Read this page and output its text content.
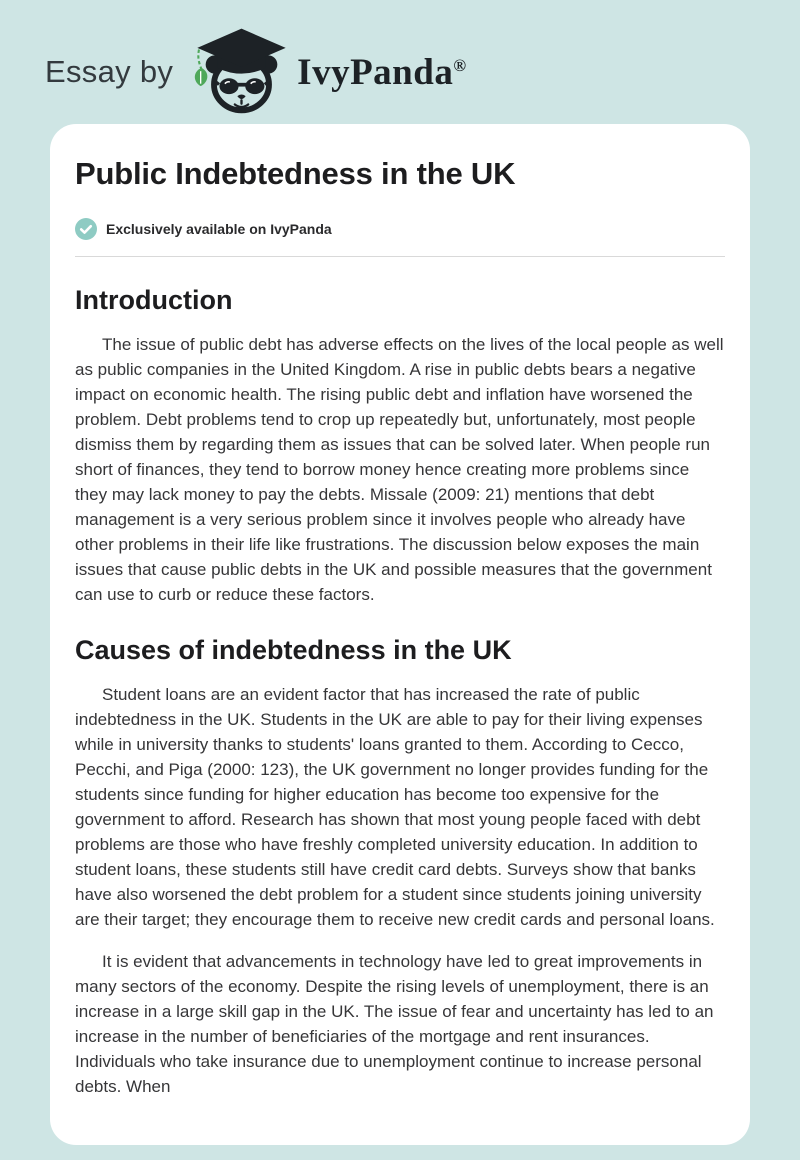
Essay by	IvyPanda®
Public Indebtedness in the UK
Exclusively available on IvyPanda
Introduction

The issue of public debt has adverse effects on the lives of the local people as well as public companies in the United Kingdom. A rise in public debts bears a negative impact on economic health. The rising public debt and inflation have worsened the problem. Debt problems tend to crop up repeatedly but, unfortunately, most people dismiss them by regarding them as issues that can be solved later. When people run short of finances, they tend to borrow money hence creating more problems since they may lack money to pay the debts. Missale (2009: 21) mentions that debt management is a very serious problem since it involves people who already have other problems in their life like frustrations. The discussion below exposes the main issues that cause public debts in the UK and possible measures that the government can use to curb or reduce these factors.

Causes of indebtedness in the UK

Student loans are an evident factor that has increased the rate of public indebtedness in the UK. Students in the UK are able to pay for their living expenses while in university thanks to students' loans granted to them. According to Cecco, Pecchi, and Piga (2000: 123), the UK government no longer provides funding for the students since funding for higher education has become too expensive for the government to afford. Research has shown that most young people faced with debt problems are those who have freshly completed university education. In addition to student loans, these students still have credit card debts. Surveys show that banks have also worsened the debt problem for a student since students joining university are their target; they encourage them to receive new credit cards and personal loans.

It is evident that advancements in technology have led to great improvements in many sectors of the economy. Despite the rising levels of unemployment, there is an increase in a large skill gap in the UK. The issue of fear and uncertainty has led to an increase in the number of beneficiaries of the mortgage and rent insurances. Individuals who take insurance due to unemployment continue to increase personal debts. When
